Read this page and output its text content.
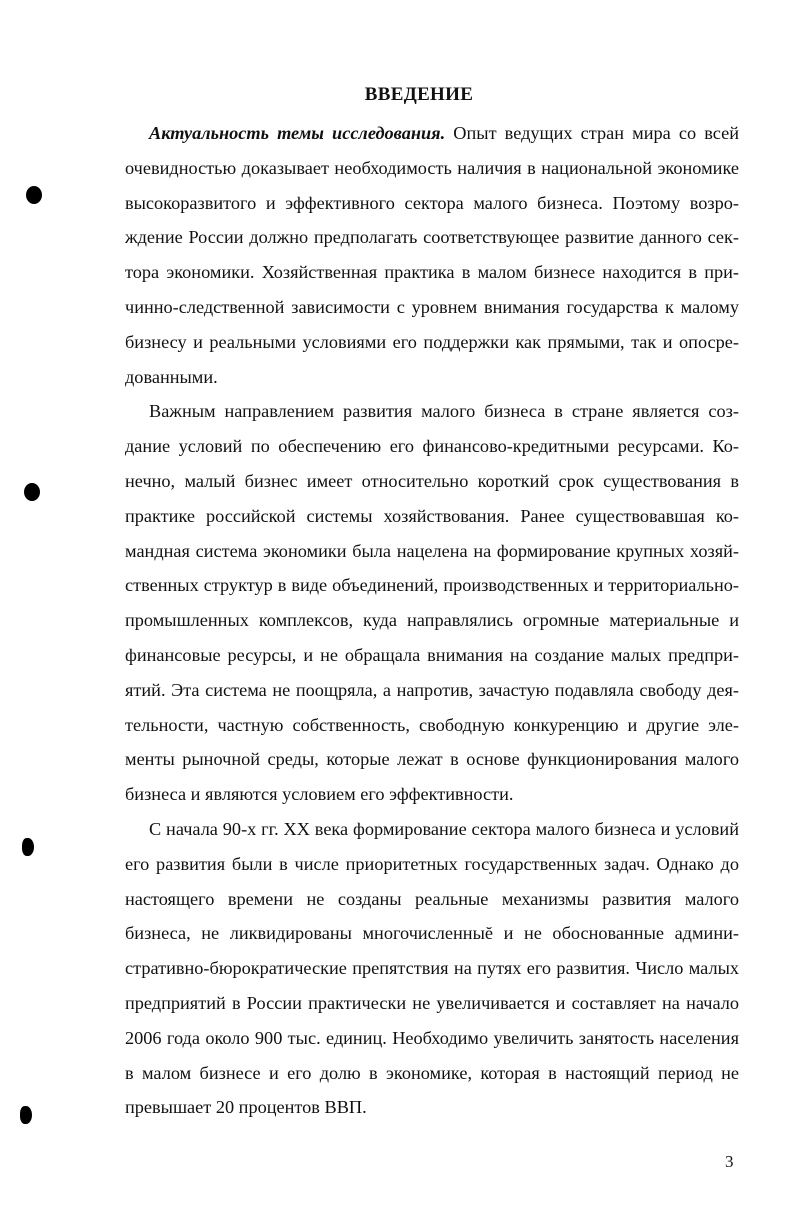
ВВЕДЕНИЕ

Актуальность темы исследования. Опыт ведущих стран мира со всей очевидностью доказывает необходимость наличия в национальной экономике высокоразвитого и эффективного сектора малого бизнеса. Поэтому возрождение России должно предполагать соответствующее развитие данного сектора экономики. Хозяйственная практика в малом бизнесе находится в причинно-следственной зависимости с уровнем внимания государства к малому бизнесу и реальными условиями его поддержки как прямыми, так и опосредованными.

Важным направлением развития малого бизнеса в стране является создание условий по обеспечению его финансово-кредитными ресурсами. Конечно, малый бизнес имеет относительно короткий срок существования в практике российской системы хозяйствования. Ранее существовавшая командная система экономики была нацелена на формирование крупных хозяйственных структур в виде объединений, производственных и территориально-промышленных комплексов, куда направлялись огромные материальные и финансовые ресурсы, и не обращала внимания на создание малых предприятий. Эта система не поощряла, а напротив, зачастую подавляла свободу деятельности, частную собственность, свободную конкуренцию и другие элементы рыночной среды, которые лежат в основе функционирования малого бизнеса и являются условием его эффективности.

С начала 90-х гг. XX века формирование сектора малого бизнеса и условий его развития были в числе приоритетных государственных задач. Однако до настоящего времени не созданы реальные механизмы развития малого бизнеса, не ликвидированы многочисленныĕ и не обоснованные административно-бюрократические препятствия на путях его развития. Число малых предприятий в России практически не увеличивается и составляет на начало 2006 года около 900 тыс. единиц. Необходимо увеличить занятость населения в малом бизнесе и его долю в экономике, которая в настоящий период не превышает 20 процентов ВВП.

3
